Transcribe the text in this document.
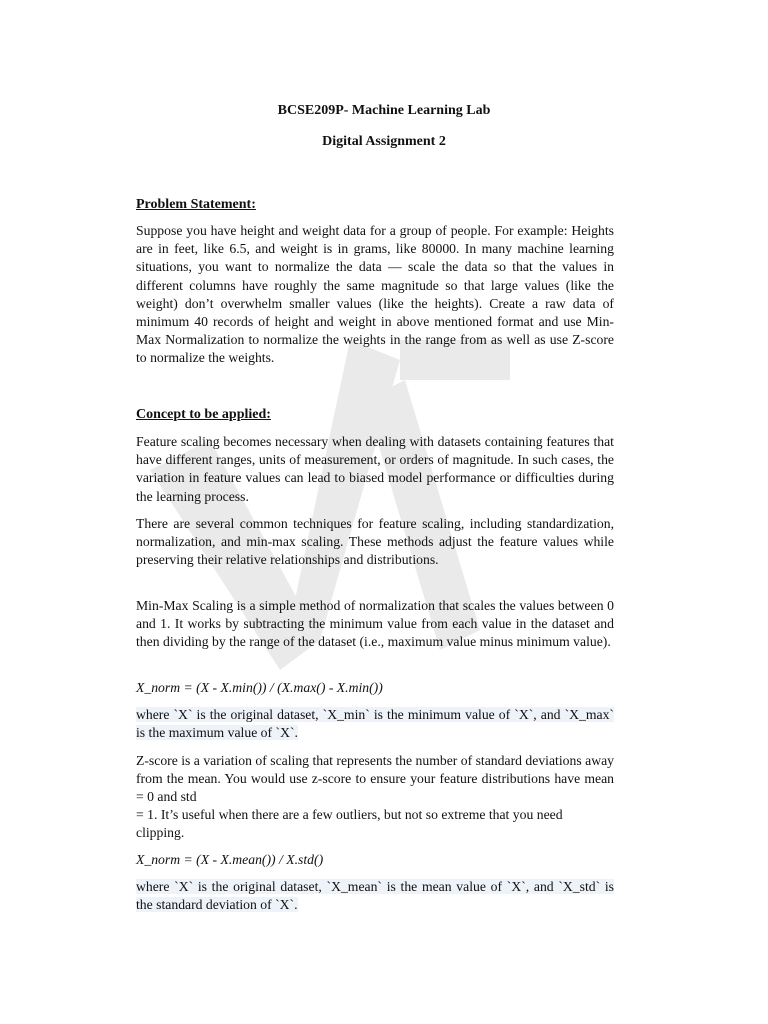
BCSE209P- Machine Learning Lab
Digital Assignment 2
Problem Statement:

Suppose you have height and weight data for a group of people. For example: Heights are in feet, like 6.5, and weight is in grams, like 80000. In many machine learning situations, you want to normalize the data — scale the data so that the values in different columns have roughly the same magnitude so that large values (like the weight) don’t overwhelm smaller values (like the heights). Create a raw data of minimum 40 records of height and weight in above mentioned format and use Min-Max Normalization to normalize the weights in the range from as well as use Z-score to normalize the weights.

Concept to be applied:

Feature scaling becomes necessary when dealing with datasets containing features that have different ranges, units of measurement, or orders of magnitude. In such cases, the variation in feature values can lead to biased model performance or difficulties during the learning process.

There are several common techniques for feature scaling, including standardization, normalization, and min-max scaling. These methods adjust the feature values while preserving their relative relationships and distributions.

Min-Max Scaling is a simple method of normalization that scales the values between 0 and 1. It works by subtracting the minimum value from each value in the dataset and then dividing by the range of the dataset (i.e., maximum value minus minimum value).

X_norm = (X - X.min()) / (X.max() - X.min())

where `X` is the original dataset, `X_min` is the minimum value of `X`, and `X_max` is the maximum value of `X`.

Z-score is a variation of scaling that represents the number of standard deviations away from the mean. You would use z-score to ensure your feature distributions have mean = 0 and std

= 1. It’s useful when there are a few outliers, but not so extreme that you need
clipping.
X_norm = (X - X.mean()) / X.std()

where `X` is the original dataset, `X_mean` is the mean value of `X`, and `X_std` is the standard deviation of `X`.
